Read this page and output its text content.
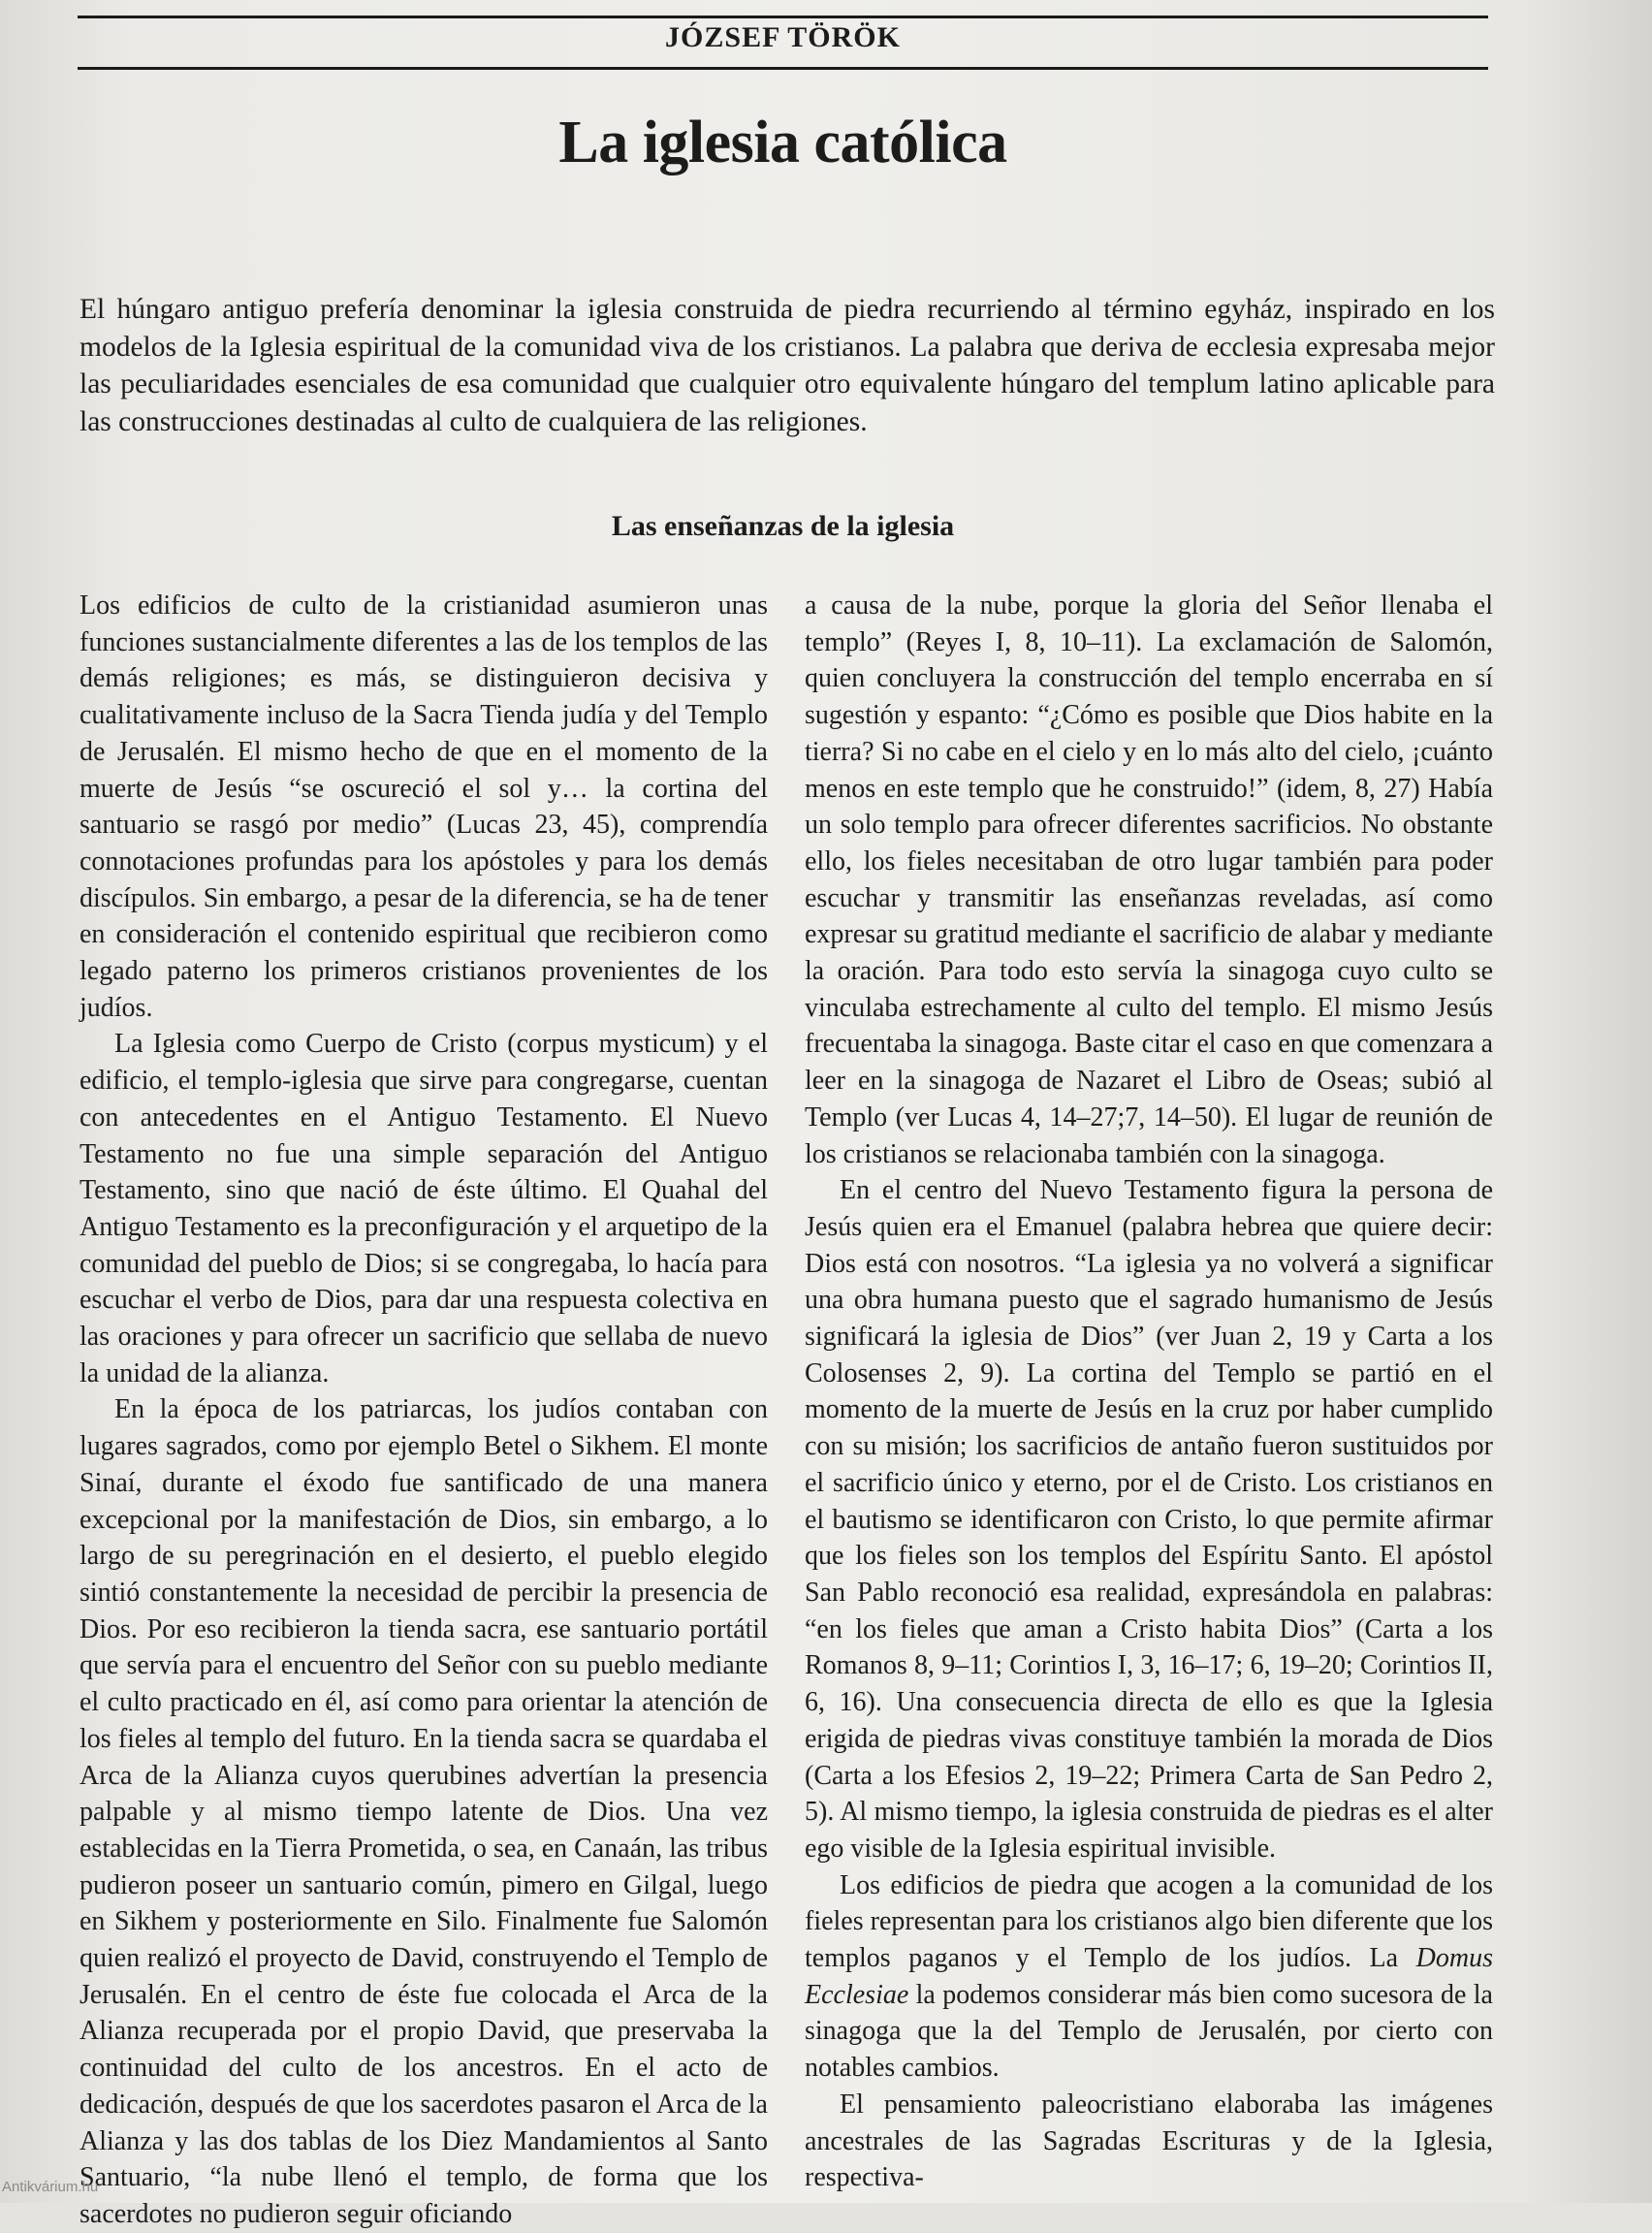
JÓZSEF TÖRÖK
La iglesia católica

El húngaro antiguo prefería denominar la iglesia construida de piedra recurriendo al término egyház, inspirado en los modelos de la Iglesia espiritual de la comunidad viva de los cristianos. La palabra que deriva de ecclesia expresaba mejor las peculiaridades esenciales de esa comunidad que cualquier otro equivalente húngaro del templum latino aplicable para las construcciones destinadas al culto de cualquiera de las religiones.

Las enseñanzas de la iglesia

Los edificios de culto de la cristianidad asumieron unas funciones sustancialmente diferentes a las de los templos de las demás religiones; es más, se distinguieron decisiva y cualitativamente incluso de la Sacra Tienda judía y del Templo de Jerusalén. El mismo hecho de que en el momento de la muerte de Jesús “se oscureció el sol y… la cortina del santuario se rasgó por medio” (Lucas 23, 45), comprendía connotaciones profundas para los apóstoles y para los demás discípulos. Sin embargo, a pesar de la diferencia, se ha de tener en consideración el contenido espiritual que recibieron como legado paterno los primeros cristianos provenientes de los judíos.

La Iglesia como Cuerpo de Cristo (corpus mysticum) y el edificio, el templo-iglesia que sirve para congregarse, cuentan con antecedentes en el Antiguo Testamento. El Nuevo Testamento no fue una simple separación del Antiguo Testamento, sino que nació de éste último. El Quahal del Antiguo Testamento es la preconfiguración y el arquetipo de la comunidad del pueblo de Dios; si se congregaba, lo hacía para escuchar el verbo de Dios, para dar una respuesta colectiva en las oraciones y para ofrecer un sacrificio que sellaba de nuevo la unidad de la alianza.

En la época de los patriarcas, los judíos contaban con lugares sagrados, como por ejemplo Betel o Sikhem. El monte Sinaí, durante el éxodo fue santificado de una manera excepcional por la manifestación de Dios, sin embargo, a lo largo de su peregrinación en el desierto, el pueblo elegido sintió constantemente la necesidad de percibir la presencia de Dios. Por eso recibieron la tienda sacra, ese santuario portátil que servía para el encuentro del Señor con su pueblo mediante el culto practicado en él, así como para orientar la atención de los fieles al templo del futuro. En la tienda sacra se quardaba el Arca de la Alianza cuyos querubines advertían la presencia palpable y al mismo tiempo latente de Dios. Una vez establecidas en la Tierra Prometida, o sea, en Canaán, las tribus pudieron poseer un santuario común, pimero en Gilgal, luego en Sikhem y posteriormente en Silo. Finalmente fue Salomón quien realizó el proyecto de David, construyendo el Templo de Jerusalén. En el centro de éste fue colocada el Arca de la Alianza recuperada por el propio David, que preservaba la continuidad del culto de los ancestros. En el acto de dedicación, después de que los sacerdotes pasaron el Arca de la Alianza y las dos tablas de los Diez Mandamientos al Santo Santuario, “la nube llenó el templo, de forma que los sacerdotes no pudieron seguir oficiando

a causa de la nube, porque la gloria del Señor llenaba el templo” (Reyes I, 8, 10–11). La exclamación de Salomón, quien concluyera la construcción del templo encerraba en sí sugestión y espanto: “¿Cómo es posible que Dios habite en la tierra? Si no cabe en el cielo y en lo más alto del cielo, ¡cuánto menos en este templo que he construido!” (idem, 8, 27) Había un solo templo para ofrecer diferentes sacrificios. No obstante ello, los fieles necesitaban de otro lugar también para poder escuchar y transmitir las enseñanzas reveladas, así como expresar su gratitud mediante el sacrificio de alabar y mediante la oración. Para todo esto servía la sinagoga cuyo culto se vinculaba estrechamente al culto del templo. El mismo Jesús frecuentaba la sinagoga. Baste citar el caso en que comenzara a leer en la sinagoga de Nazaret el Libro de Oseas; subió al Templo (ver Lucas 4, 14–27;7, 14–50). El lugar de reunión de los cristianos se relacionaba también con la sinagoga.

En el centro del Nuevo Testamento figura la persona de Jesús quien era el Emanuel (palabra hebrea que quiere decir: Dios está con nosotros. “La iglesia ya no volverá a significar una obra humana puesto que el sagrado humanismo de Jesús significará la iglesia de Dios” (ver Juan 2, 19 y Carta a los Colosenses 2, 9). La cortina del Templo se partió en el momento de la muerte de Jesús en la cruz por haber cumplido con su misión; los sacrificios de antaño fueron sustituidos por el sacrificio único y eterno, por el de Cristo. Los cristianos en el bautismo se identificaron con Cristo, lo que permite afirmar que los fieles son los templos del Espíritu Santo. El apóstol San Pablo reconoció esa realidad, expresándola en palabras: “en los fieles que aman a Cristo habita Dios” (Carta a los Romanos 8, 9–11; Corintios I, 3, 16–17; 6, 19–20; Corintios II, 6, 16). Una consecuencia directa de ello es que la Iglesia erigida de piedras vivas constituye también la morada de Dios (Carta a los Efesios 2, 19–22; Primera Carta de San Pedro 2, 5). Al mismo tiempo, la iglesia construida de piedras es el alter ego visible de la Iglesia espiritual invisible.

Los edificios de piedra que acogen a la comunidad de los fieles representan para los cristianos algo bien diferente que los templos paganos y el Templo de los judíos. La Domus Ecclesiae la podemos considerar más bien como sucesora de la sinagoga que la del Templo de Jerusalén, por cierto con notables cambios.

El pensamiento paleocristiano elaboraba las imágenes ancestrales de las Sagradas Escrituras y de la Iglesia, respectiva-

Antikvárium.hu
